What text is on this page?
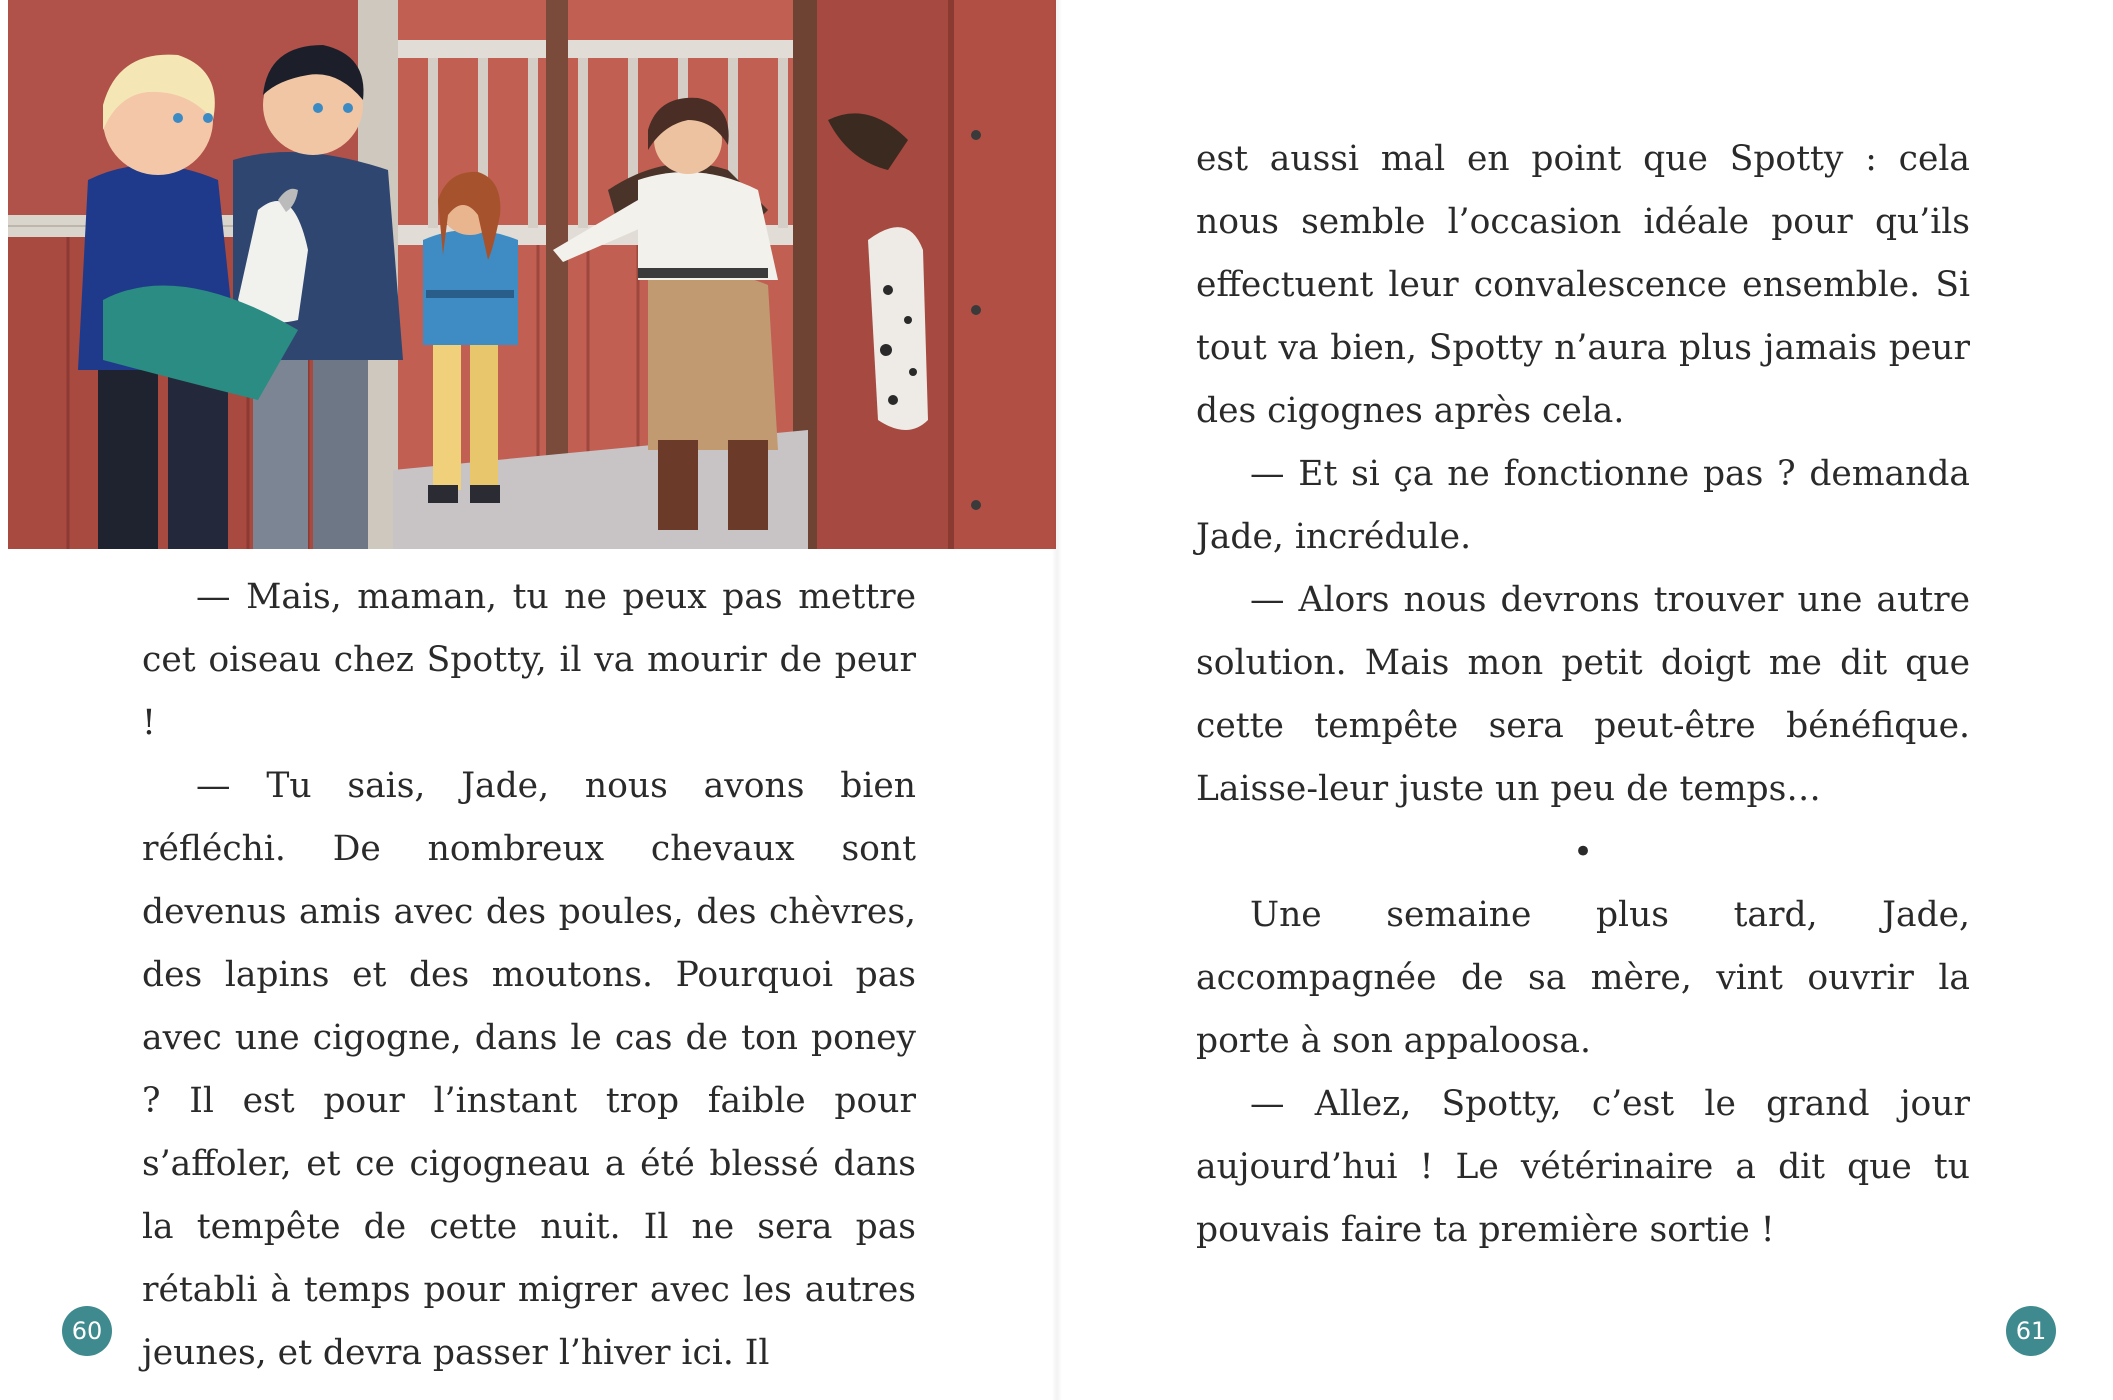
— Mais, maman, tu ne peux pas mettre cet oiseau chez Spotty, il va mourir de peur !

— Tu sais, Jade, nous avons bien réfléchi. De nombreux chevaux sont devenus amis avec des poules, des chèvres, des lapins et des moutons. Pourquoi pas avec une cigogne, dans le cas de ton poney ? Il est pour l’instant trop faible pour s’affoler, et ce cigogneau a été blessé dans la tempête de cette nuit. Il ne sera pas rétabli à temps pour migrer avec les autres jeunes, et devra passer l’hiver ici. Il

60

est aussi mal en point que Spotty : cela nous semble l’occasion idéale pour qu’ils effectuent leur convalescence ensemble. Si tout va bien, Spotty n’aura plus jamais peur des cigognes après cela.

— Et si ça ne fonctionne pas ? demanda Jade, incrédule.

— Alors nous devrons trouver une autre solution. Mais mon petit doigt me dit que cette tempête sera peut-être bénéfique. Laisse-leur juste un peu de temps…

•

Une semaine plus tard, Jade, accompagnée de sa mère, vint ouvrir la porte à son appaloosa.

— Allez, Spotty, c’est le grand jour aujourd’hui ! Le vétérinaire a dit que tu pouvais faire ta première sortie !

61
